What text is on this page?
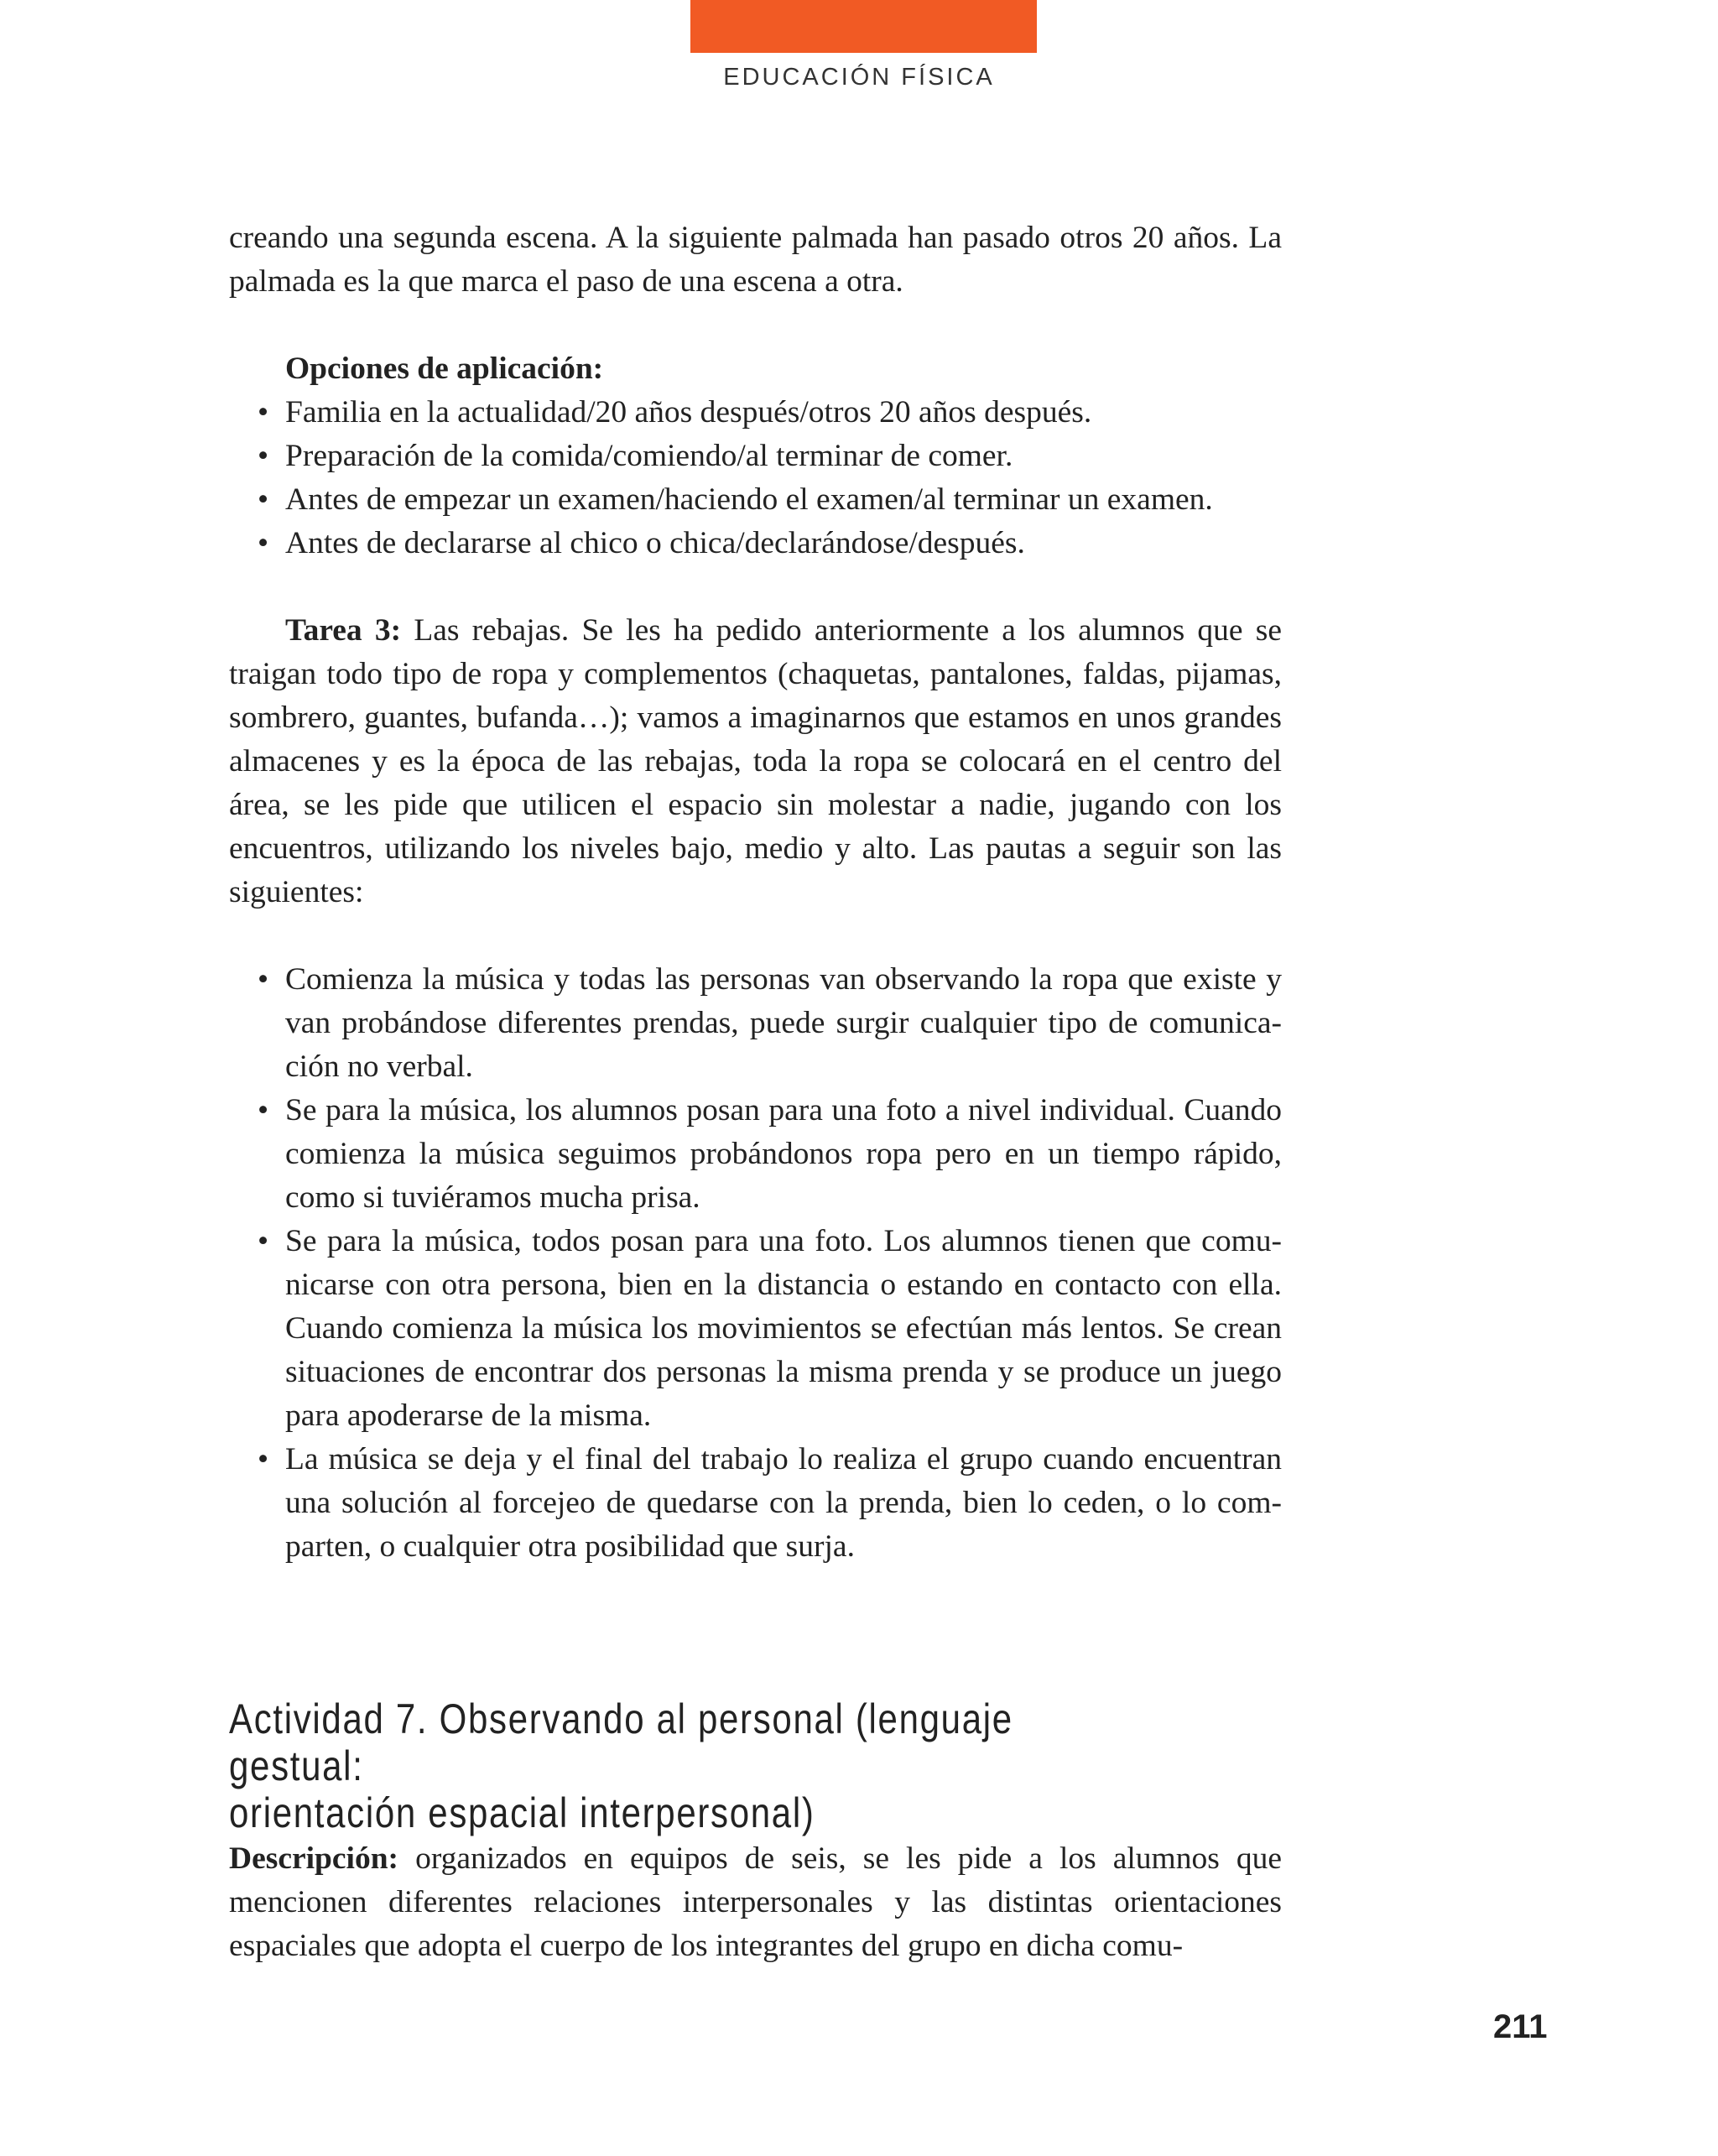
EDUCACIÓN FÍSICA

creando una segunda escena. A la siguiente palmada han pasado otros 20 años. La palmada es la que marca el paso de una escena a otra.

Opciones de aplicación:

• Familia en la actualidad/20 años después/otros 20 años después.
• Preparación de la comida/comiendo/al terminar de comer.
• Antes de empezar un examen/haciendo el examen/al terminar un examen.
• Antes de declararse al chico o chica/declarándose/después.

Tarea 3: Las rebajas. Se les ha pedido anteriormente a los alumnos que se traigan todo tipo de ropa y complementos (chaquetas, pantalones, faldas, pijamas, sombrero, guantes, bufanda…); vamos a imaginarnos que estamos en unos grandes almacenes y es la época de las rebajas, toda la ropa se colocará en el centro del área, se les pide que utilicen el espacio sin molestar a nadie, jugando con los encuentros, utilizando los niveles bajo, medio y alto. Las pautas a seguir son las siguientes:

• Comienza la música y todas las personas van observando la ropa que existe y van probándose diferentes prendas, puede surgir cualquier tipo de comunicación no verbal.
• Se para la música, los alumnos posan para una foto a nivel individual. Cuando comienza la música seguimos probándonos ropa pero en un tiempo rápido, como si tuviéramos mucha prisa.
• Se para la música, todos posan para una foto. Los alumnos tienen que comunicarse con otra persona, bien en la distancia o estando en contacto con ella. Cuando comienza la música los movimientos se efectúan más lentos. Se crean situaciones de encontrar dos personas la misma prenda y se produce un juego para apoderarse de la misma.
• La música se deja y el final del trabajo lo realiza el grupo cuando encuentran una solución al forcejeo de quedarse con la prenda, bien lo ceden, o lo comparten, o cualquier otra posibilidad que surja.
Actividad 7. Observando al personal (lenguaje gestual:
orientación espacial interpersonal)

Descripción: organizados en equipos de seis, se les pide a los alumnos que mencionen diferentes relaciones interpersonales y las distintas orientaciones espaciales que adopta el cuerpo de los integrantes del grupo en dicha comu-

211
